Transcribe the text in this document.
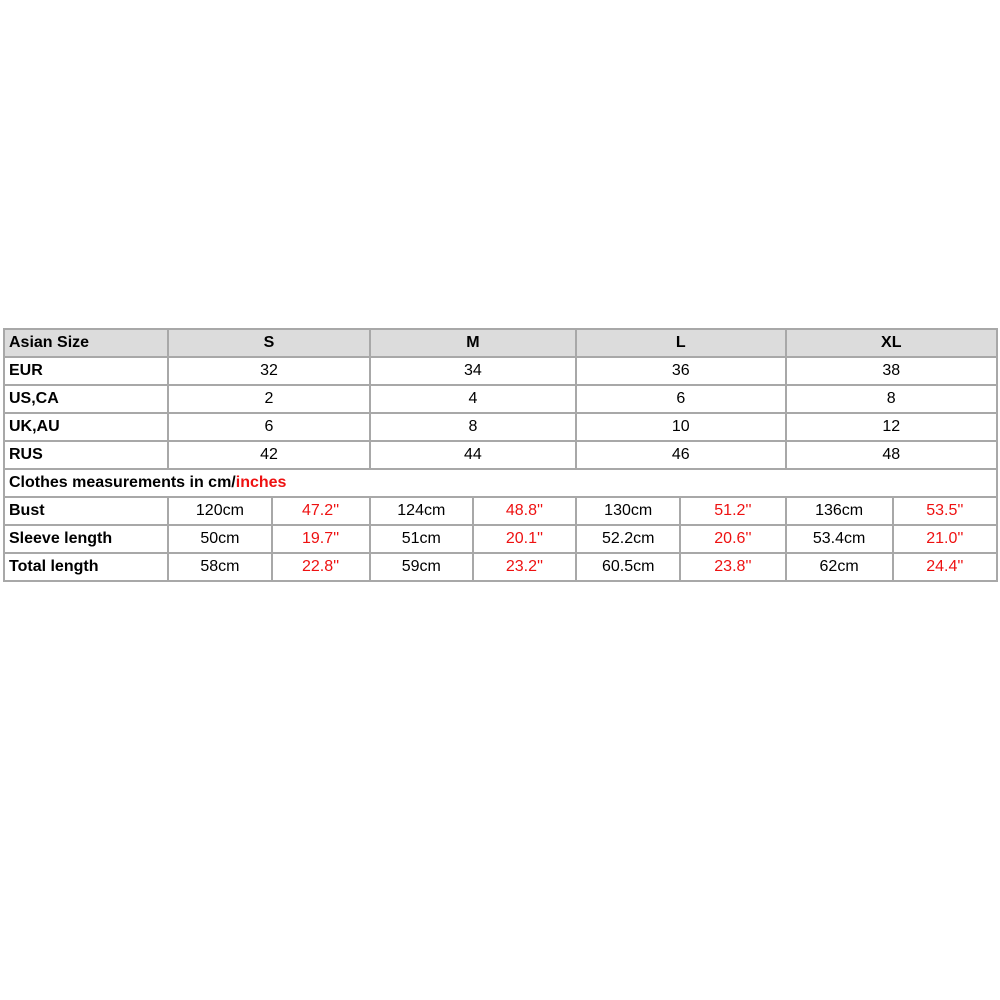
Asian Size	S		M		L		XL	
EUR	32		34		36		38	
US,CA	2		4		6		8	
UK,AU	6		8		10		12	
RUS	42		44		46		48	
Clothes measurements in cm/inches								
Bust	120cm	47.2''	124cm	48.8''	130cm	51.2''	136cm	53.5''
Sleeve length	50cm	19.7''	51cm	20.1''	52.2cm	20.6''	53.4cm	21.0''
Total length	58cm	22.8''	59cm	23.2''	60.5cm	23.8''	62cm	24.4''
